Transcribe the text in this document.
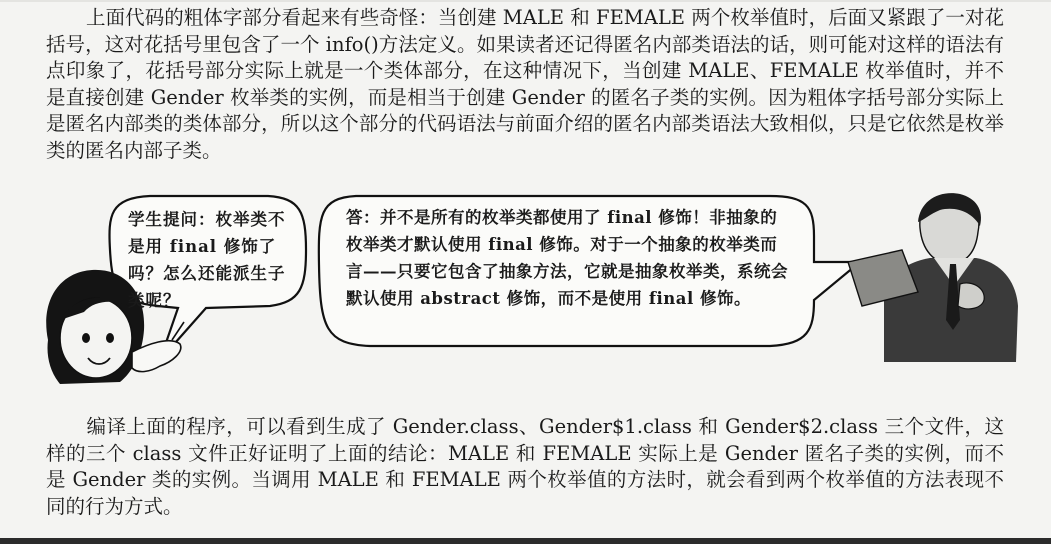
上面代码的粗体字部分看起来有些奇怪：当创建 MALE 和 FEMALE 两个枚举值时，后面又紧跟了一对花括号，这对花括号里包含了一个 info()方法定义。如果读者还记得匿名内部类语法的话，则可能对这样的语法有点印象了，花括号部分实际上就是一个类体部分，在这种情况下，当创建 MALE、FEMALE 枚举值时，并不是直接创建 Gender 枚举类的实例，而是相当于创建 Gender 的匿名子类的实例。因为粗体字括号部分实际上是匿名内部类的类体部分，所以这个部分的代码语法与前面介绍的匿名内部类语法大致相似，只是它依然是枚举类的匿名内部子类。

学生提问：枚举类不是用 final 修饰了吗？怎么还能派生子类呢？

答：并不是所有的枚举类都使用了 final 修饰！非抽象的枚举类才默认使用 final 修饰。对于一个抽象的枚举类而言——只要它包含了抽象方法，它就是抽象枚举类，系统会默认使用 abstract 修饰，而不是使用 final 修饰。

编译上面的程序，可以看到生成了 Gender.class、Gender$1.class 和 Gender$2.class 三个文件，这样的三个 class 文件正好证明了上面的结论：MALE 和 FEMALE 实际上是 Gender 匿名子类的实例，而不是 Gender 类的实例。当调用 MALE 和 FEMALE 两个枚举值的方法时，就会看到两个枚举值的方法表现不同的行为方式。
